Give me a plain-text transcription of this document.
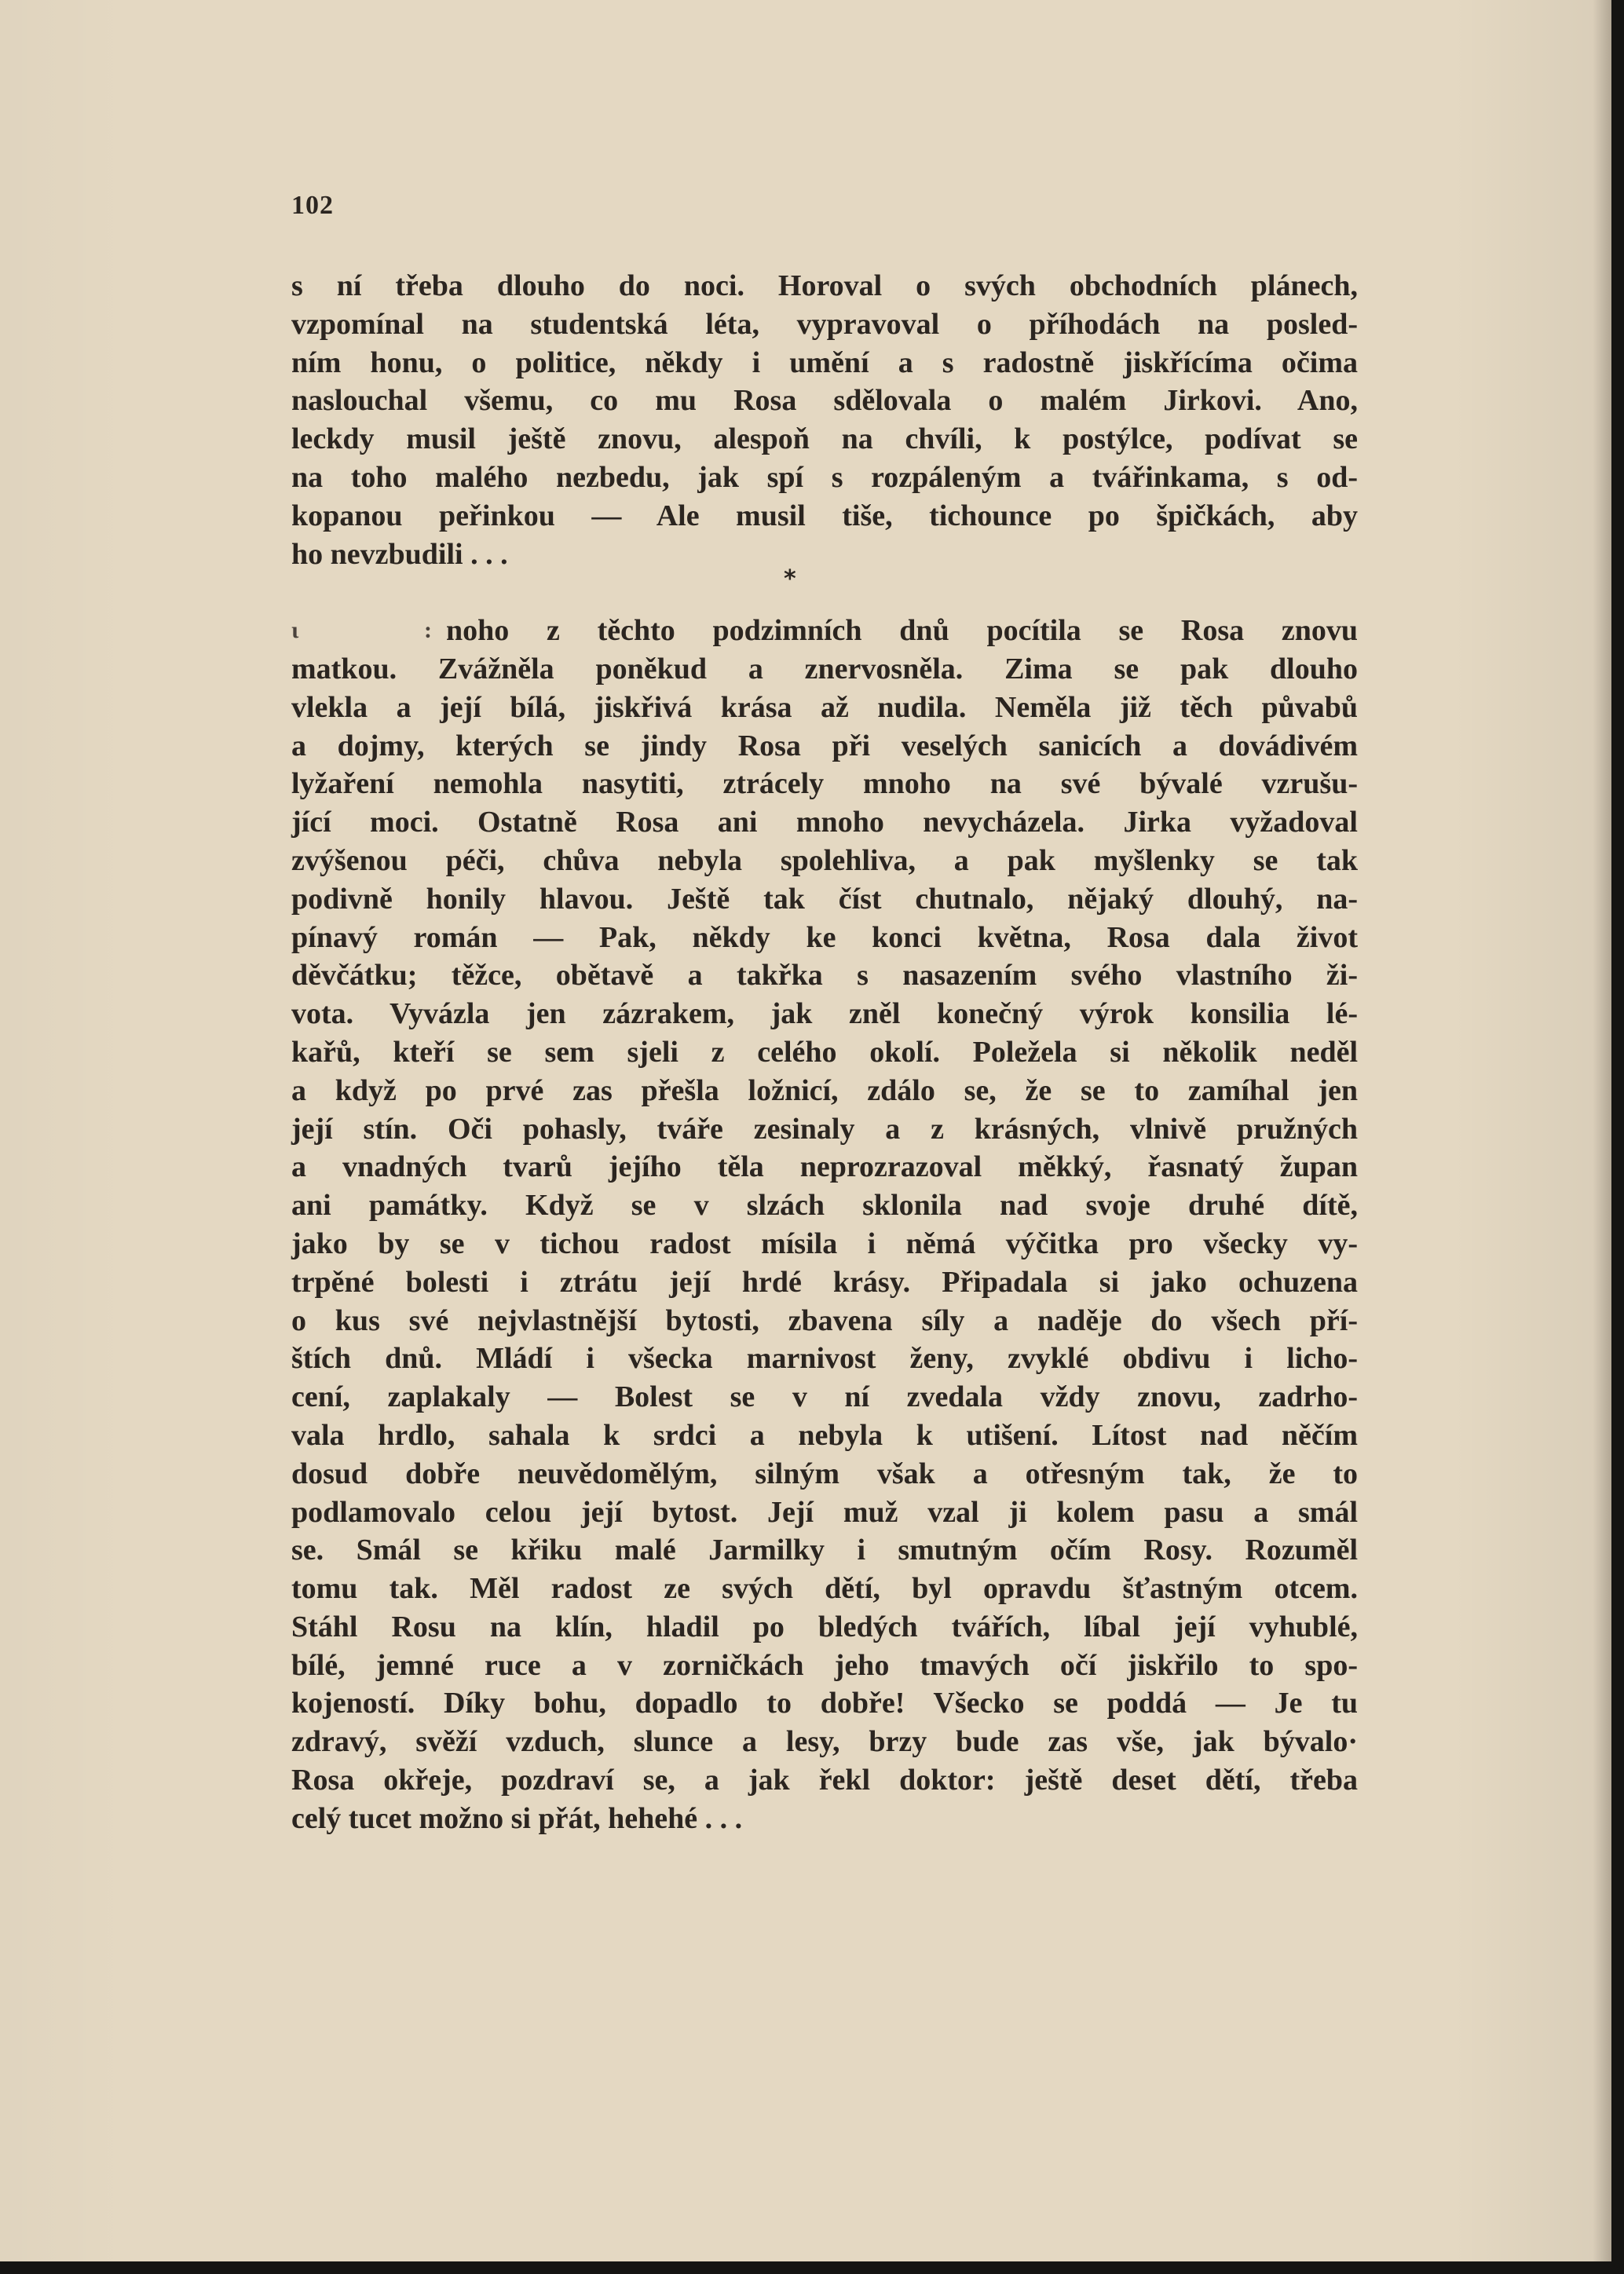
102
s ní třeba dlouho do noci. Horoval o svých obchodních plánech,
vzpomínal na studentská léta, vypravoval o příhodách na posled-
ním honu, o politice, někdy i umění a s radostně jiskřícíma očima
naslouchal všemu, co mu Rosa sdělovala o malém Jirkovi. Ano,
leckdy musil ještě znovu, alespoň na chvíli, k postýlce, podívat se
na toho malého nezbedu, jak spí s rozpáleným a tvářinkama, s od-
kopanou peřinkou — Ale musil tiše, tichounce po špičkách, aby
ho nevzbudili . . .
*
ι : noho z těchto podzimních dnů pocítila se Rosa znovu
matkou. Zvážněla poněkud a znervosněla. Zima se pak dlouho
vlekla a její bílá, jiskřivá krása až nudila. Neměla již těch půvabů
a dojmy, kterých se jindy Rosa při veselých sanicích a dovádivém
lyžaření nemohla nasytiti, ztrácely mnoho na své bývalé vzrušu-
jící moci. Ostatně Rosa ani mnoho nevycházela. Jirka vyžadoval
zvýšenou péči, chůva nebyla spolehliva, a pak myšlenky se tak
podivně honily hlavou. Ještě tak číst chutnalo, nějaký dlouhý, na-
pínavý román — Pak, někdy ke konci května, Rosa dala život
děvčátku; těžce, obětavě a takřka s nasazením svého vlastního ži-
vota. Vyvázla jen zázrakem, jak zněl konečný výrok konsilia lé-
kařů, kteří se sem sjeli z celého okolí. Poležela si několik neděl
a když po prvé zas přešla ložnicí, zdálo se, že se to zamíhal jen
její stín. Oči pohasly, tváře zesinaly a z krásných, vlnivě pružných
a vnadných tvarů jejího těla neprozrazoval měkký, řasnatý župan
ani památky. Když se v slzách sklonila nad svoje druhé dítě,
jako by se v tichou radost mísila i němá výčitka pro všecky vy-
trpěné bolesti i ztrátu její hrdé krásy. Připadala si jako ochuzena
o kus své nejvlastnější bytosti, zbavena síly a naděje do všech pří-
štích dnů. Mládí i všecka marnivost ženy, zvyklé obdivu i licho-
cení, zaplakaly — Bolest se v ní zvedala vždy znovu, zadrho-
vala hrdlo, sahala k srdci a nebyla k utišení. Lítost nad něčím
dosud dobře neuvědomělým, silným však a otřesným tak, že to
podlamovalo celou její bytost. Její muž vzal ji kolem pasu a smál
se. Smál se křiku malé Jarmilky i smutným očím Rosy. Rozuměl
tomu tak. Měl radost ze svých dětí, byl opravdu šťastným otcem.
Stáhl Rosu na klín, hladil po bledých tvářích, líbal její vyhublé,
bílé, jemné ruce a v zorničkách jeho tmavých očí jiskřilo to spo-
kojeností. Díky bohu, dopadlo to dobře! Všecko se poddá — Je tu
zdravý, svěží vzduch, slunce a lesy, brzy bude zas vše, jak bývalo·
Rosa okřeje, pozdraví se, a jak řekl doktor: ještě deset dětí, třeba
celý tucet možno si přát, hehehé . . .
